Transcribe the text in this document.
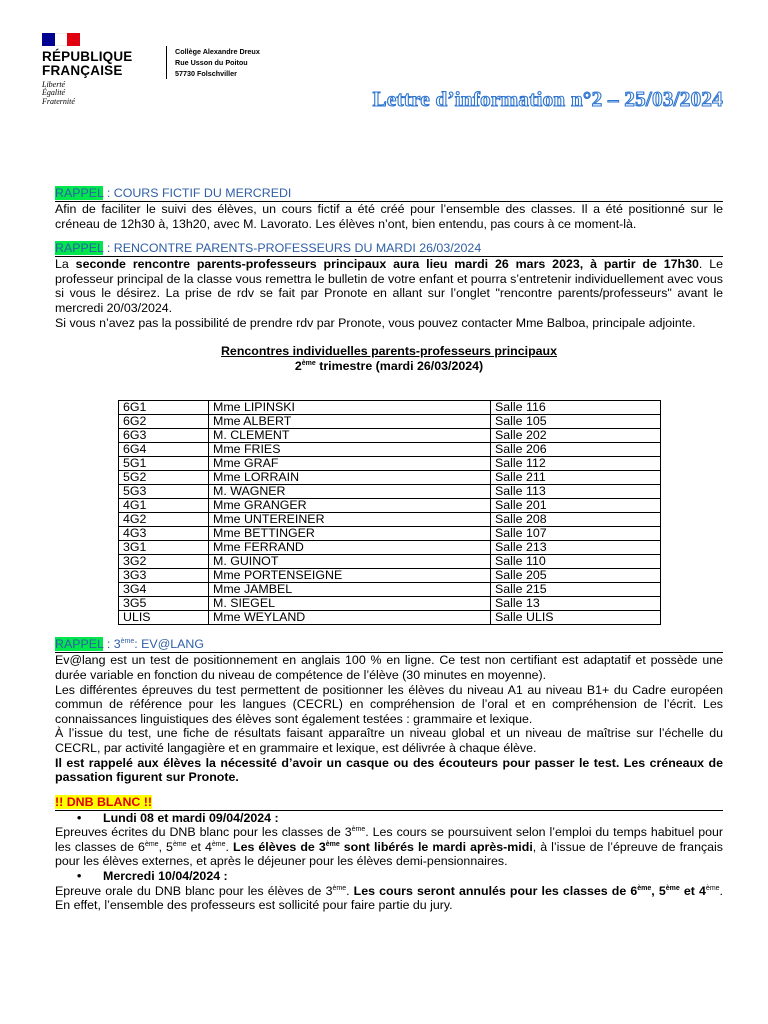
RÉPUBLIQUE
FRANÇAISE
Liberté
Égalité
Fraternité
Collège Alexandre Dreux
Rue Usson du Poitou
57730 Folschviller
Lettre d’information n°2 – 25/03/2024
RAPPEL : COURS FICTIF DU MERCREDI
Afin de faciliter le suivi des élèves, un cours fictif a été créé pour l’ensemble des classes. Il a été positionné sur le créneau de 12h30 à, 13h20, avec M. Lavorato. Les élèves n’ont, bien entendu, pas cours à ce moment-là.
RAPPEL : RENCONTRE PARENTS-PROFESSEURS DU MARDI 26/03/2024
La seconde rencontre parents-professeurs principaux aura lieu mardi 26 mars 2023, à partir de 17h30. Le professeur principal de la classe vous remettra le bulletin de votre enfant et pourra s’entretenir individuellement avec vous si vous le désirez. La prise de rdv se fait par Pronote en allant sur l’onglet "rencontre parents/professeurs" avant le mercredi 20/03/2024.
Si vous n’avez pas la possibilité de prendre rdv par Pronote, vous pouvez contacter Mme Balboa, principale adjointe.
Rencontres individuelles parents-professeurs principaux
2ème trimestre (mardi 26/03/2024)
6G1	Mme LIPINSKI	Salle 116
6G2	Mme ALBERT	Salle 105
6G3	M. CLEMENT	Salle 202
6G4	Mme FRIES	Salle 206
5G1	Mme GRAF	Salle 112
5G2	Mme LORRAIN	Salle 211
5G3	M. WAGNER	Salle 113
4G1	Mme GRANGER	Salle 201
4G2	Mme UNTEREINER	Salle 208
4G3	Mme BETTINGER	Salle 107
3G1	Mme FERRAND	Salle 213
3G2	M. GUINOT	Salle 110
3G3	Mme PORTENSEIGNE	Salle 205
3G4	Mme JAMBEL	Salle 215
3G5	M. SIEGEL	Salle 13
ULIS	Mme WEYLAND	Salle ULIS
RAPPEL : 3ème: EV@LANG
Ev@lang est un test de positionnement en anglais 100 % en ligne. Ce test non certifiant est adaptatif et possède une durée variable en fonction du niveau de compétence de l’élève (30 minutes en moyenne).
Les différentes épreuves du test permettent de positionner les élèves du niveau A1 au niveau B1+ du Cadre européen commun de référence pour les langues (CECRL) en compréhension de l’oral et en compréhension de l’écrit. Les connaissances linguistiques des élèves sont également testées : grammaire et lexique.
À l’issue du test, une fiche de résultats faisant apparaître un niveau global et un niveau de maîtrise sur l’échelle du CECRL, par activité langagière et en grammaire et lexique, est délivrée à chaque élève.
Il est rappelé aux élèves la nécessité d’avoir un casque ou des écouteurs pour passer le test. Les créneaux de passation figurent sur Pronote.
!! DNB BLANC !!
• Lundi 08 et mardi 09/04/2024 :
Epreuves écrites du DNB blanc pour les classes de 3ème. Les cours se poursuivent selon l’emploi du temps habituel pour les classes de 6ème, 5ème et 4ème. Les élèves de 3ème sont libérés le mardi après-midi, à l’issue de l’épreuve de français pour les élèves externes, et après le déjeuner pour les élèves demi-pensionnaires.
• Mercredi 10/04/2024 :
Epreuve orale du DNB blanc pour les élèves de 3ème. Les cours seront annulés pour les classes de 6ème, 5ème et 4ème. En effet, l’ensemble des professeurs est sollicité pour faire partie du jury.
